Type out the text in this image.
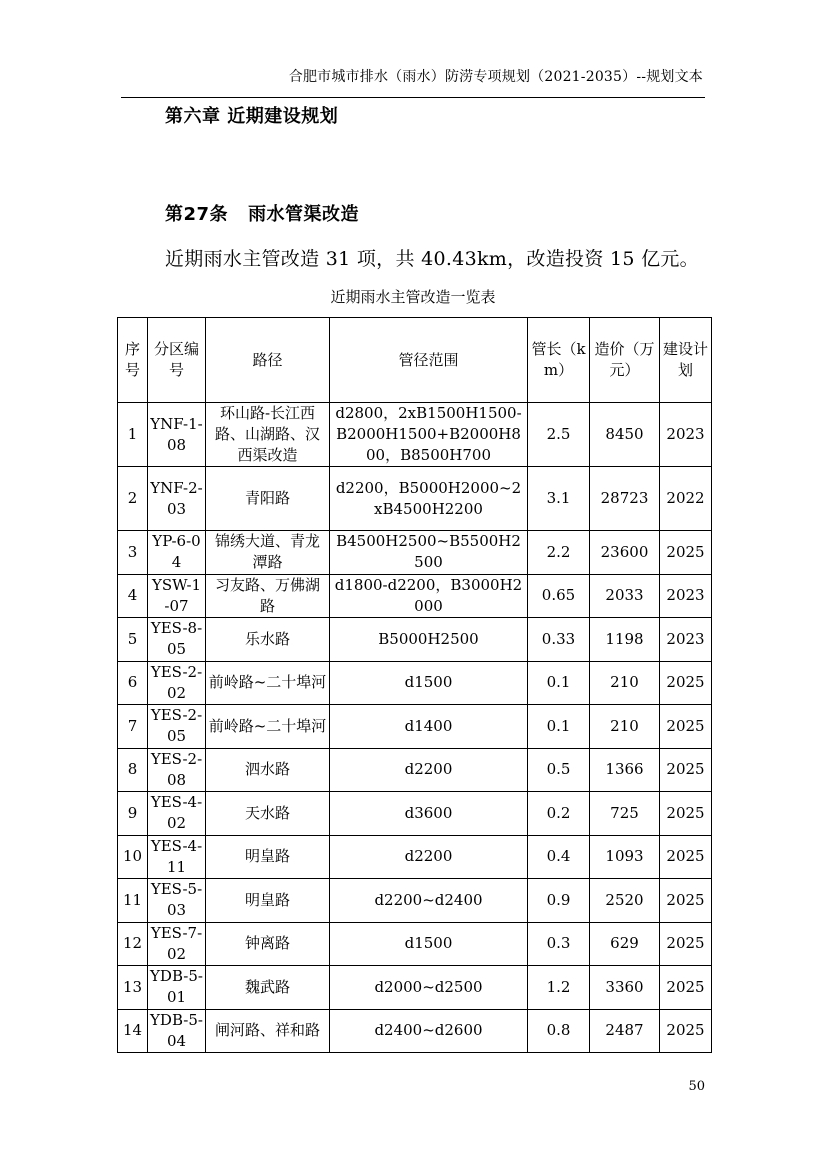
合肥市城市排水（雨水）防涝专项规划（2021-2035）--规划文本
第六章 近期建设规划
第27条 雨水管渠改造
近期雨水主管改造 31 项，共 40.43km，改造投资 15 亿元。
近期雨水主管改造一览表
序号	分区编号	路径	管径范围	管长（km）	造价（万元）	建设计划
1	YNF-1-08	环山路-长江西路、山湖路、汉西渠改造	d2800，2xB1500H1500-B2000H1500+B2000H800，B8500H700	2.5	8450	2023
2	YNF-2-03	青阳路	d2200，B5000H2000~2xB4500H2200	3.1	28723	2022
3	YP-6-04	锦绣大道、青龙潭路	B4500H2500~B5500H2500	2.2	23600	2025
4	YSW-1-07	习友路、万佛湖路	d1800-d2200，B3000H2000	0.65	2033	2023
5	YES-8-05	乐水路	B5000H2500	0.33	1198	2023
6	YES-2-02	前岭路~二十埠河	d1500	0.1	210	2025
7	YES-2-05	前岭路~二十埠河	d1400	0.1	210	2025
8	YES-2-08	泗水路	d2200	0.5	1366	2025
9	YES-4-02	天水路	d3600	0.2	725	2025
10	YES-4-11	明皇路	d2200	0.4	1093	2025
11	YES-5-03	明皇路	d2200~d2400	0.9	2520	2025
12	YES-7-02	钟离路	d1500	0.3	629	2025
13	YDB-5-01	魏武路	d2000~d2500	1.2	3360	2025
14	YDB-5-04	闸河路、祥和路	d2400~d2600	0.8	2487	2025
50
